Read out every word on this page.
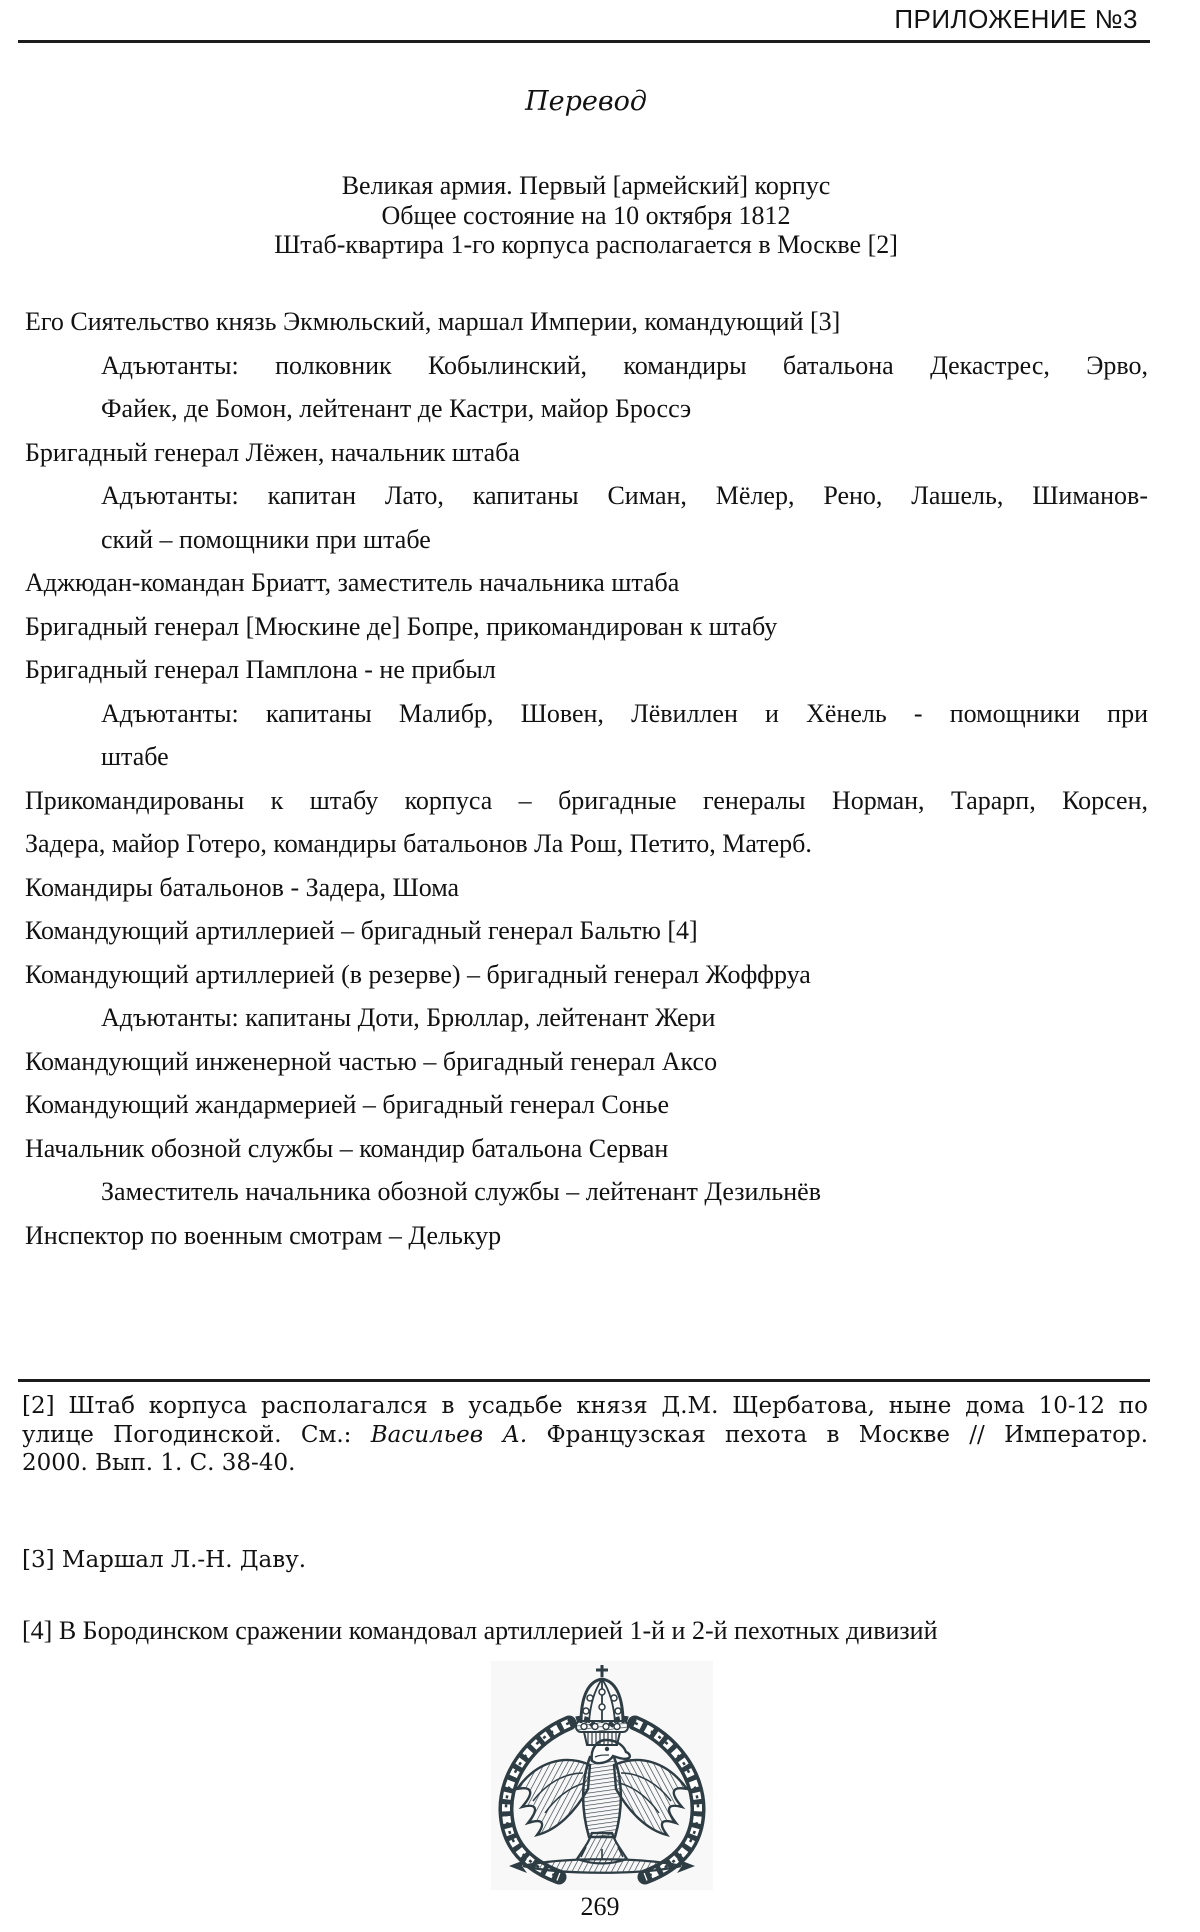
ПРИЛОЖЕНИЕ №3
Перевод
Великая армия. Первый [армейский] корпус
Общее состояние на 10 октября 1812
Штаб-квартира 1-го корпуса располагается в Москве [2]
Его Сиятельство князь Экмюльский, маршал Империи, командующий [3]
Адъютанты: полковник Кобылинский, командиры батальона Декастрес, Эрво,
Файек, де Бомон, лейтенант де Кастри, майор Броссэ
Бригадный генерал Лёжен, начальник штаба
Адъютанты: капитан Лато, капитаны Симан, Мёлер, Рено, Лашель, Шиманов-
ский – помощники при штабе
Аджюдан-командан Бриатт, заместитель начальника штаба
Бригадный генерал [Мюскине де] Бопре, прикомандирован к штабу
Бригадный генерал Памплона - не прибыл
Адъютанты: капитаны Малибр, Шовен, Лёвиллен и Хёнель - помощники при
штабе
Прикомандированы к штабу корпуса – бригадные генералы Норман, Тарарп, Корсен,
Задера, майор Готеро, командиры батальонов Ла Рош, Петито, Матерб.
Командиры батальонов - Задера, Шома
Командующий артиллерией – бригадный генерал Бальтю [4]
Командующий артиллерией (в резерве) – бригадный генерал Жоффруа
Адъютанты: капитаны Доти, Брюллар, лейтенант Жери
Командующий инженерной частью – бригадный генерал Аксо
Командующий жандармерией – бригадный генерал Сонье
Начальник обозной службы – командир батальона Серван
Заместитель начальника обозной службы – лейтенант Дезильнёв
Инспектор по военным смотрам – Делькур
[2] Штаб корпуса располагался в усадьбе князя Д.М. Щербатова, ныне дома 10-12 по
улице Погодинской. См.: Васильев А. Французская пехота в Москве // Император.
2000. Вып. 1. С. 38-40.
[3] Маршал Л.-Н. Даву.
[4] В Бородинском сражении командовал артиллерией 1-й и 2-й пехотных дивизий
269
